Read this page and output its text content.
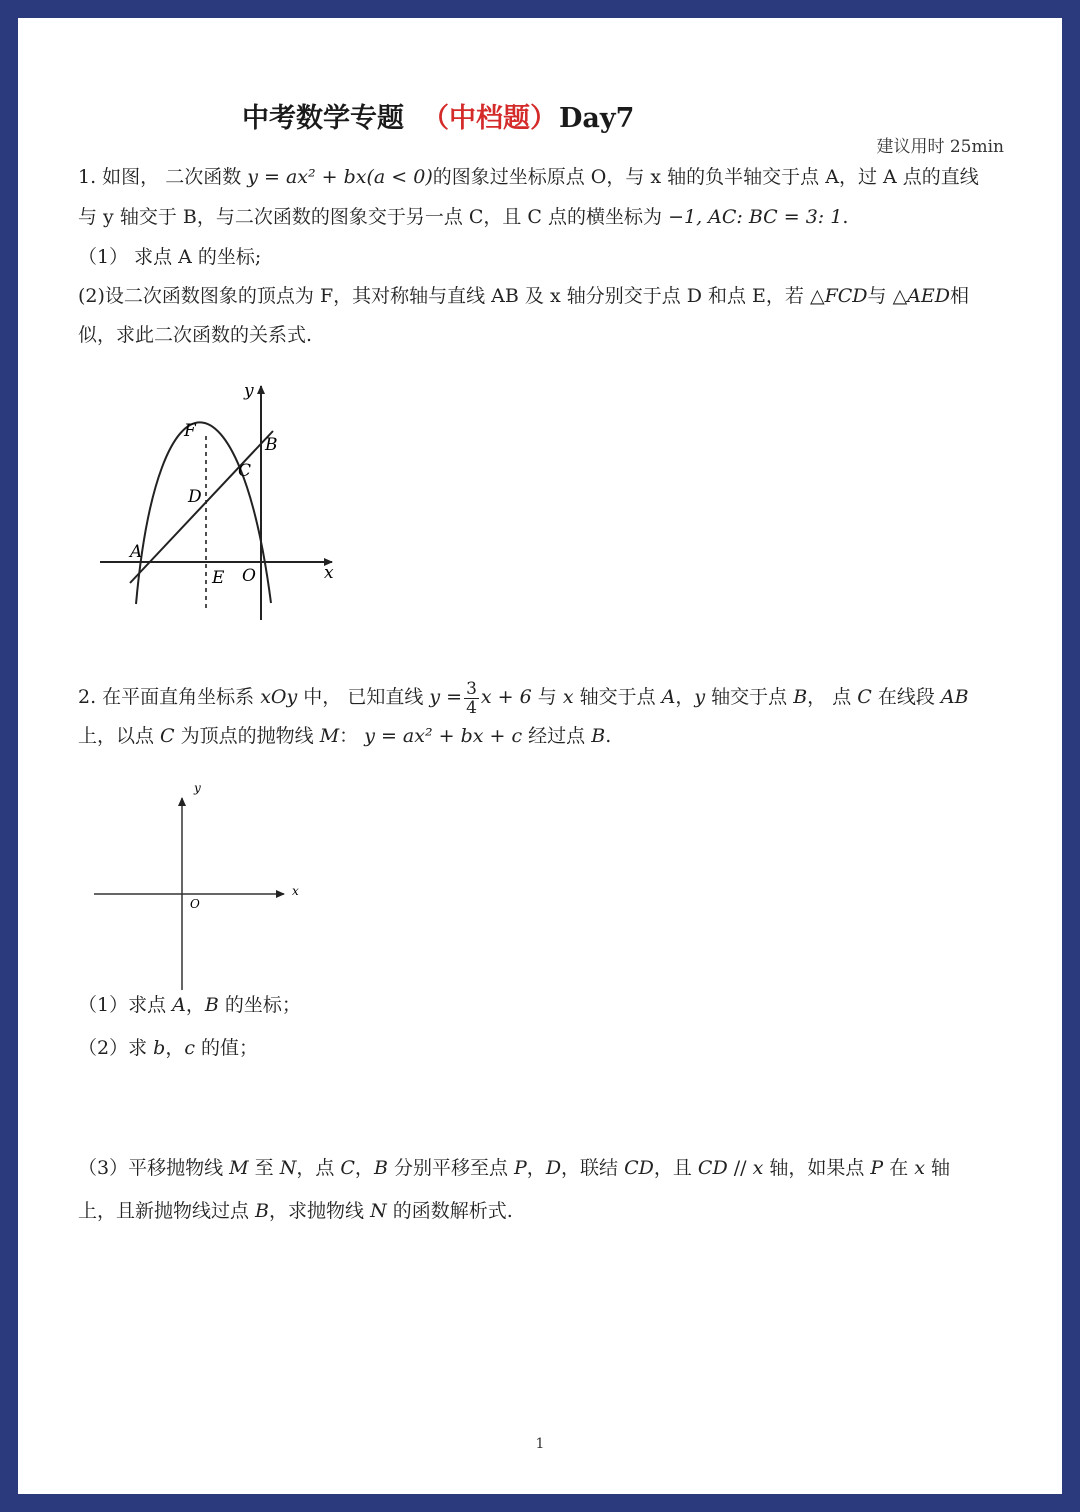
中考数学专题 （中档题）Day7
建议用时 25min
1. 如图， 二次函数 y = ax² + bx(a < 0)的图象过坐标原点 O，与 x 轴的负半轴交于点 A，过 A 点的直线
与 y 轴交于 B，与二次函数的图象交于另一点 C，且 C 点的横坐标为 −1, AC: BC = 3: 1.
（1） 求点 A 的坐标;
(2)设二次函数图象的顶点为 F，其对称轴与直线 AB 及 x 轴分别交于点 D 和点 E，若 △FCD与 △AED相
似，求此二次函数的关系式.
y
x
F
B
C
D
A
E O
2. 在平面直角坐标系 xOy 中， 已知直线 $y = \frac{3}{4}$ x + 6 与 x 轴交于点 A，y 轴交于点 B， 点 C 在线段 AB
上，以点 C 为顶点的抛物线 M： y = ax² + bx + c 经过点 B.
y
x
O
（1）求点 A，B 的坐标；
（2）求 b，c 的值；
（3）平移抛物线 M 至 N，点 C，B 分别平移至点 P，D，联结 CD，且 CD // x 轴，如果点 P 在 x 轴
上，且新抛物线过点 B，求抛物线 N 的函数解析式.
1
